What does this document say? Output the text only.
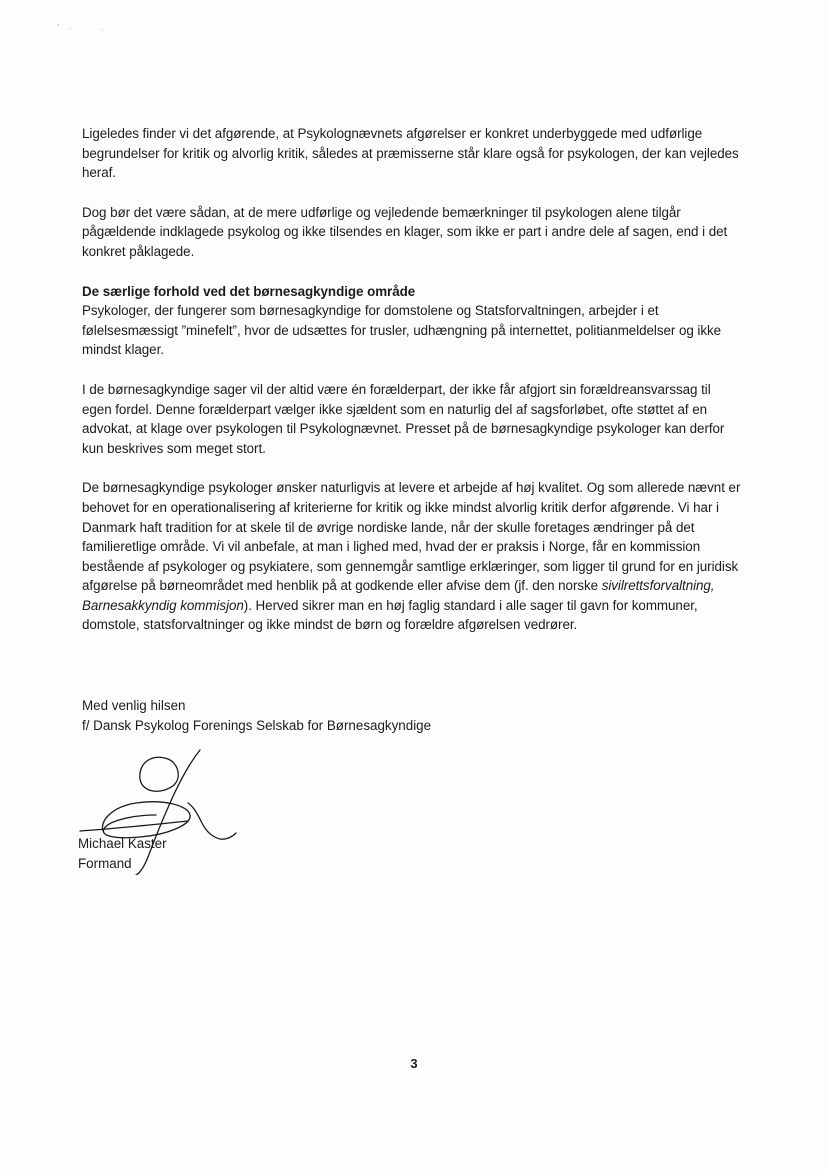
Ligeledes finder vi det afgørende, at Psykolognævnets afgørelser er konkret underbyggede med udførlige begrundelser for kritik og alvorlig kritik, således at præmisserne står klare også for psykologen, der kan vejledes heraf.

Dog bør det være sådan, at de mere udførlige og vejledende bemærkninger til psykologen alene tilgår pågældende indklagede psykolog og ikke tilsendes en klager, som ikke er part i andre dele af sagen, end i det konkret påklagede.

De særlige forhold ved det børnesagkyndige område
Psykologer, der fungerer som børnesagkyndige for domstolene og Statsforvaltningen, arbejder i et følelsesmæssigt ”minefelt”, hvor de udsættes for trusler, udhængning på internettet, politianmeldelser og ikke mindst klager.

I de børnesagkyndige sager vil der altid være én forælderpart, der ikke får afgjort sin forældreansvarssag til egen fordel. Denne forælderpart vælger ikke sjældent som en naturlig del af sagsforløbet, ofte støttet af en advokat, at klage over psykologen til Psykolognævnet. Presset på de børnesagkyndige psykologer kan derfor kun beskrives som meget stort.

De børnesagkyndige psykologer ønsker naturligvis at levere et arbejde af høj kvalitet. Og som allerede nævnt er behovet for en operationalisering af kriterierne for kritik og ikke mindst alvorlig kritik derfor afgørende. Vi har i Danmark haft tradition for at skele til de øvrige nordiske lande, når der skulle foretages ændringer på det familieretlige område. Vi vil anbefale, at man i lighed med, hvad der er praksis i Norge, får en kommission bestående af psykologer og psykiatere, som gennemgår samtlige erklæringer, som ligger til grund for en juridisk afgørelse på børneområdet med henblik på at godkende eller afvise dem (jf. den norske sivilrettsforvaltning, Barnesakkyndig kommisjon). Herved sikrer man en høj faglig standard i alle sager til gavn for kommuner, domstole, statsforvaltninger og ikke mindst de børn og forældre afgørelsen vedrører.

Med venlig hilsen
f/ Dansk Psykolog Forenings Selskab for Børnesagkyndige
Michael Kaster
Formand
3
